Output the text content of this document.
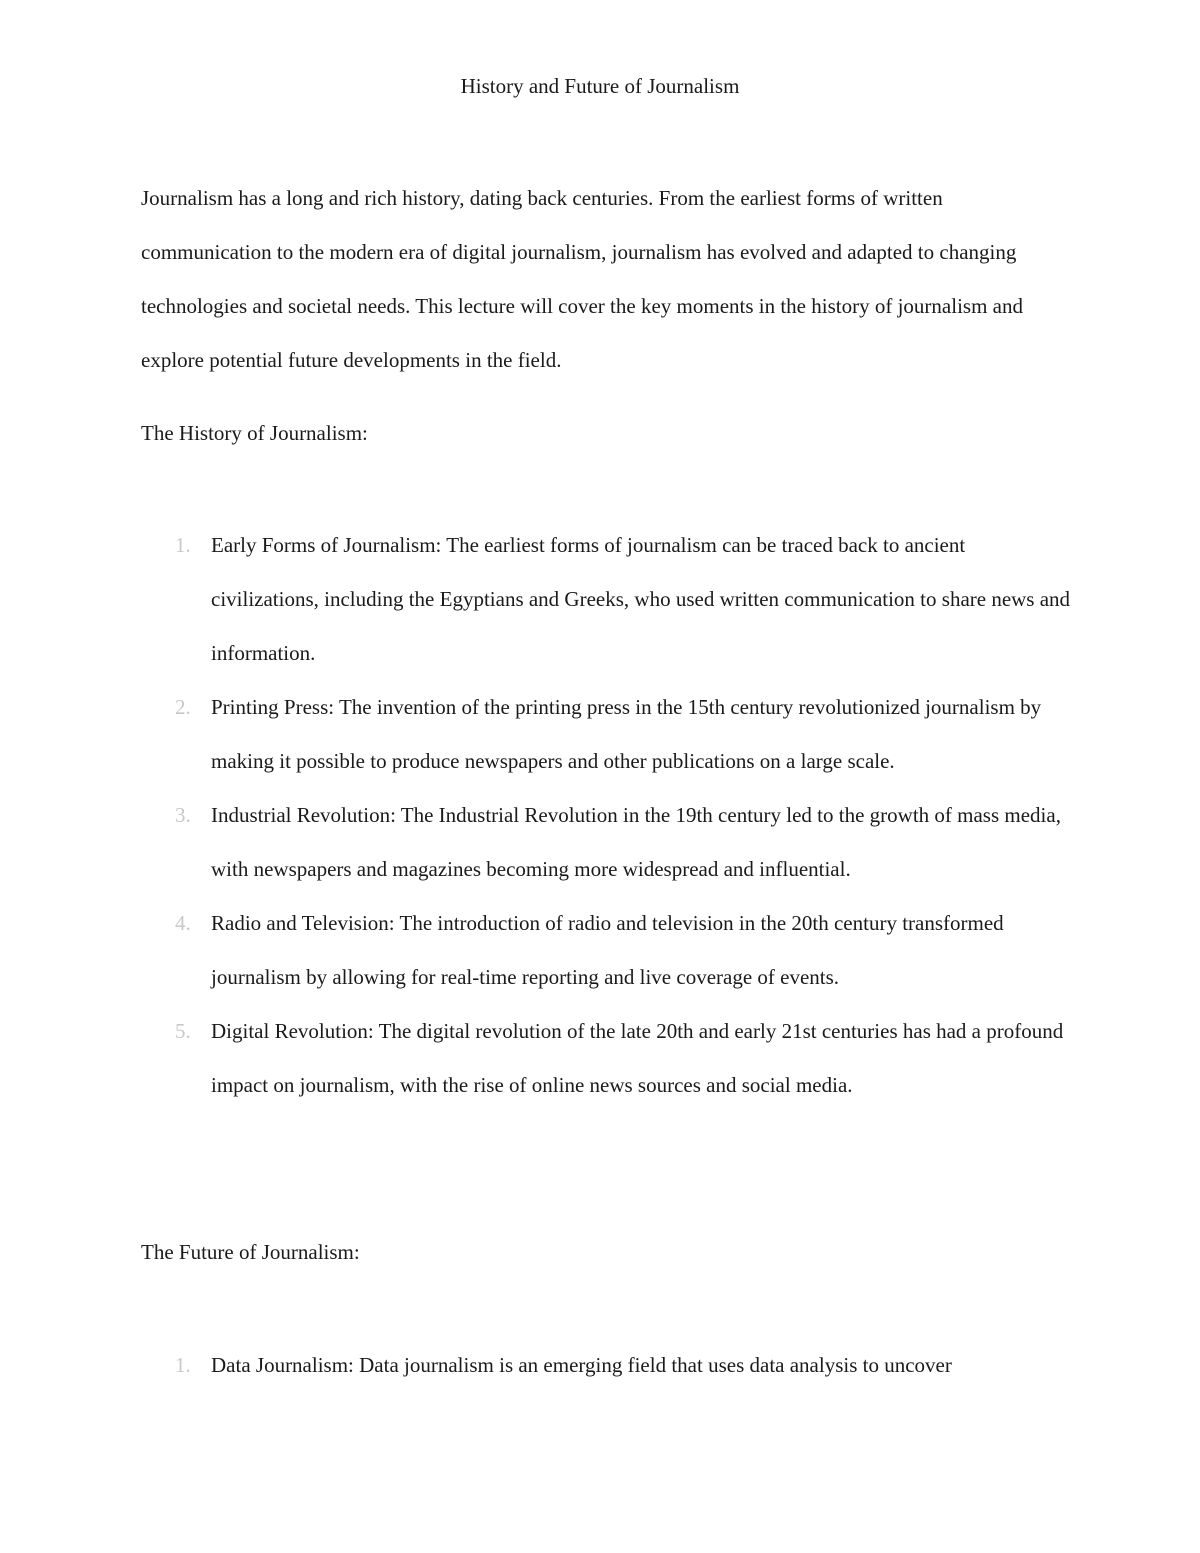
History and Future of Journalism

Journalism has a long and rich history, dating back centuries. From the earliest forms of written communication to the modern era of digital journalism, journalism has evolved and adapted to changing technologies and societal needs. This lecture will cover the key moments in the history of journalism and explore potential future developments in the field.

The History of Journalism:
1. Early Forms of Journalism: The earliest forms of journalism can be traced back to ancient civilizations, including the Egyptians and Greeks, who used written communication to share news and information.
2. Printing Press: The invention of the printing press in the 15th century revolutionized journalism by making it possible to produce newspapers and other publications on a large scale.
3. Industrial Revolution: The Industrial Revolution in the 19th century led to the growth of mass media, with newspapers and magazines becoming more widespread and influential.
4. Radio and Television: The introduction of radio and television in the 20th century transformed journalism by allowing for real-time reporting and live coverage of events.
5. Digital Revolution: The digital revolution of the late 20th and early 21st centuries has had a profound impact on journalism, with the rise of online news sources and social media.
The Future of Journalism:
1. Data Journalism: Data journalism is an emerging field that uses data analysis to uncover
